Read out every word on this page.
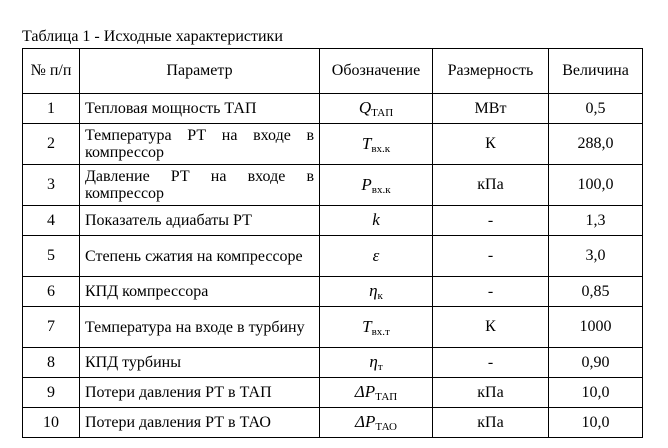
Таблица 1 - Исходные характеристики
№ п/п	Параметр	Обозначение	Размерность	Величина
1	Тепловая мощность ТАП	$Q_{ТАП}$	МВт	0,5
2	Температура РТ на входе в компрессор	$T_{вх.к}$	К	288,0
3	Давление РТ на входе в компрессор	$P_{вх.к}$	кПа	100,0
4	Показатель адиабаты РТ	k	-	1,3
5	Степень сжатия на компрессоре	ε	-	3,0
6	КПД компрессора	$\eta_к$	-	0,85
7	Температура на входе в турбину	$T_{вх.т}$	К	1000
8	КПД турбины	$\eta_т$	-	0,90
9	Потери давления РТ в ТАП	$\Delta P_{ТАП}$	кПа	10,0
10	Потери давления РТ в ТАО	$\Delta P_{ТАО}$	кПа	10,0
